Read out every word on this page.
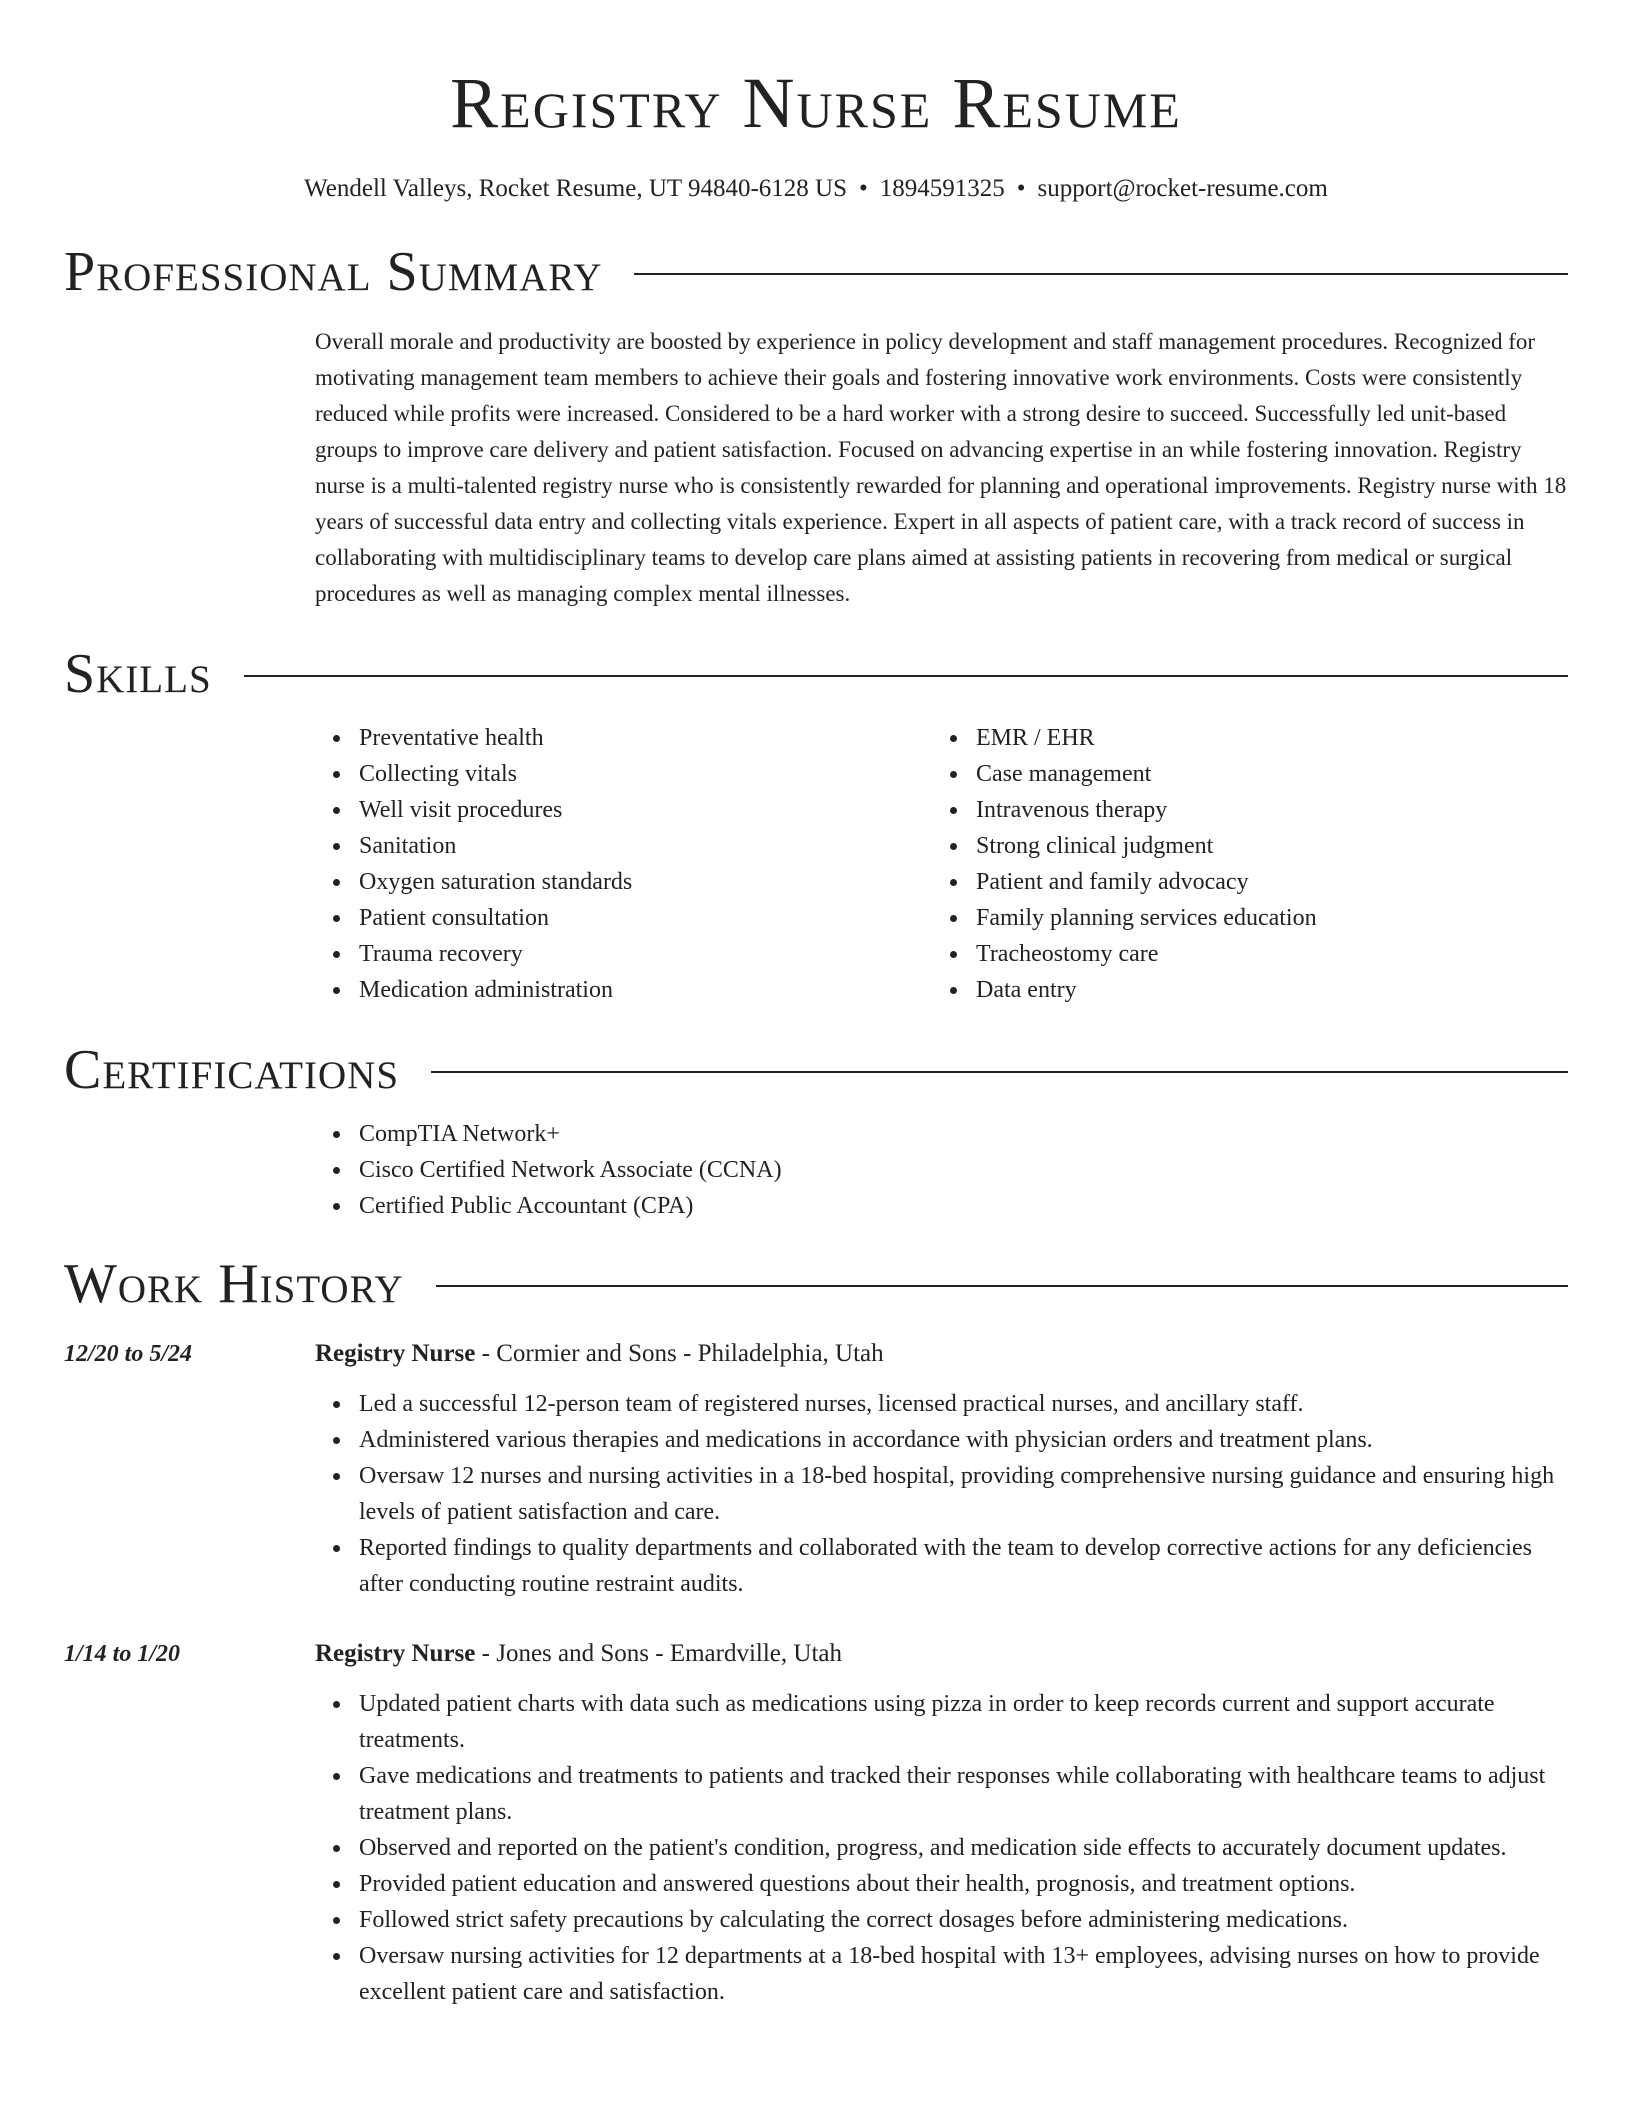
Registry Nurse Resume
Wendell Valleys, Rocket Resume, UT 94840-6128 US • 1894591325 • support@rocket-resume.com
Professional Summary

Overall morale and productivity are boosted by experience in policy development and staff management procedures. Recognized for motivating management team members to achieve their goals and fostering innovative work environments. Costs were consistently reduced while profits were increased. Considered to be a hard worker with a strong desire to succeed. Successfully led unit-based groups to improve care delivery and patient satisfaction. Focused on advancing expertise in an while fostering innovation. Registry nurse is a multi-talented registry nurse who is consistently rewarded for planning and operational improvements. Registry nurse with 18 years of successful data entry and collecting vitals experience. Expert in all aspects of patient care, with a track record of success in collaborating with multidisciplinary teams to develop care plans aimed at assisting patients in recovering from medical or surgical procedures as well as managing complex mental illnesses.

Skills
Preventative health
Collecting vitals
Well visit procedures
Sanitation
Oxygen saturation standards
Patient consultation
Trauma recovery
Medication administration
EMR / EHR
Case management
Intravenous therapy
Strong clinical judgment
Patient and family advocacy
Family planning services education
Tracheostomy care
Data entry
Certifications
CompTIA Network+
Cisco Certified Network Associate (CCNA)
Certified Public Accountant (CPA)
Work History
12/20 to 5/24	Registry Nurse - Cormier and Sons - Philadelphia, Utah
Led a successful 12-person team of registered nurses, licensed practical nurses, and ancillary staff.
Administered various therapies and medications in accordance with physician orders and treatment plans.
Oversaw 12 nurses and nursing activities in a 18-bed hospital, providing comprehensive nursing guidance and ensuring high levels of patient satisfaction and care.
Reported findings to quality departments and collaborated with the team to develop corrective actions for any deficiencies after conducting routine restraint audits.
1/14 to 1/20	Registry Nurse - Jones and Sons - Emardville, Utah
Updated patient charts with data such as medications using pizza in order to keep records current and support accurate treatments.
Gave medications and treatments to patients and tracked their responses while collaborating with healthcare teams to adjust treatment plans.
Observed and reported on the patient's condition, progress, and medication side effects to accurately document updates.
Provided patient education and answered questions about their health, prognosis, and treatment options.
Followed strict safety precautions by calculating the correct dosages before administering medications.
Oversaw nursing activities for 12 departments at a 18-bed hospital with 13+ employees, advising nurses on how to provide excellent patient care and satisfaction.
